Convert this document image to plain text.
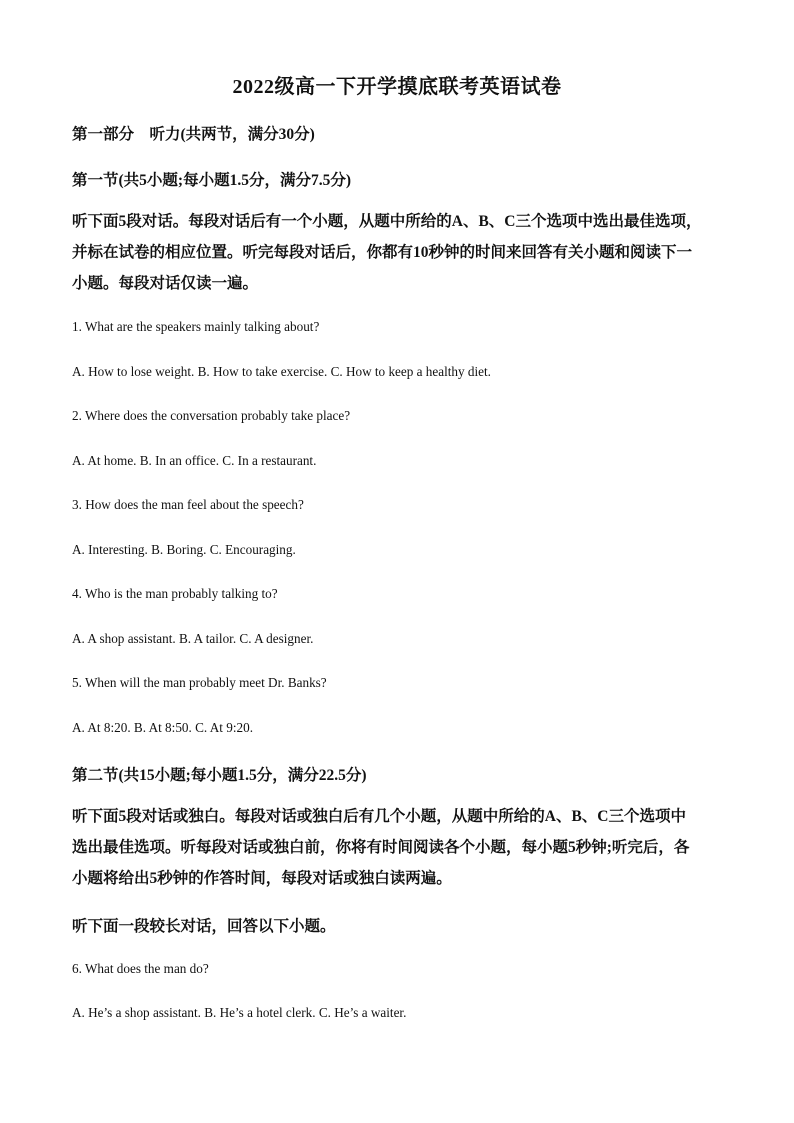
2022级高一下开学摸底联考英语试卷
第一部分　听力(共两节，满分30分)
第一节(共5小题;每小题1.5分，满分7.5分)
听下面5段对话。每段对话后有一个小题，从题中所给的A、B、C三个选项中选出最佳选项，
并标在试卷的相应位置。听完每段对话后，你都有10秒钟的时间来回答有关小题和阅读下一
小题。每段对话仅读一遍。
1. What are the speakers mainly talking about?
A. How to lose weight. B. How to take exercise. C. How to keep a healthy diet.
2. Where does the conversation probably take place?
A. At home. B. In an office. C. In a restaurant.
3. How does the man feel about the speech?
A. Interesting. B. Boring. C. Encouraging.
4. Who is the man probably talking to?
A. A shop assistant. B. A tailor. C. A designer.
5. When will the man probably meet Dr. Banks?
A. At 8:20. B. At 8:50. C. At 9:20.
第二节(共15小题;每小题1.5分，满分22.5分)
听下面5段对话或独白。每段对话或独白后有几个小题，从题中所给的A、B、C三个选项中
选出最佳选项。听每段对话或独白前，你将有时间阅读各个小题，每小题5秒钟;听完后，各
小题将给出5秒钟的作答时间，每段对话或独白读两遍。
听下面一段较长对话，回答以下小题。
6. What does the man do?
A. He’s a shop assistant. B. He’s a hotel clerk. C. He’s a waiter.
